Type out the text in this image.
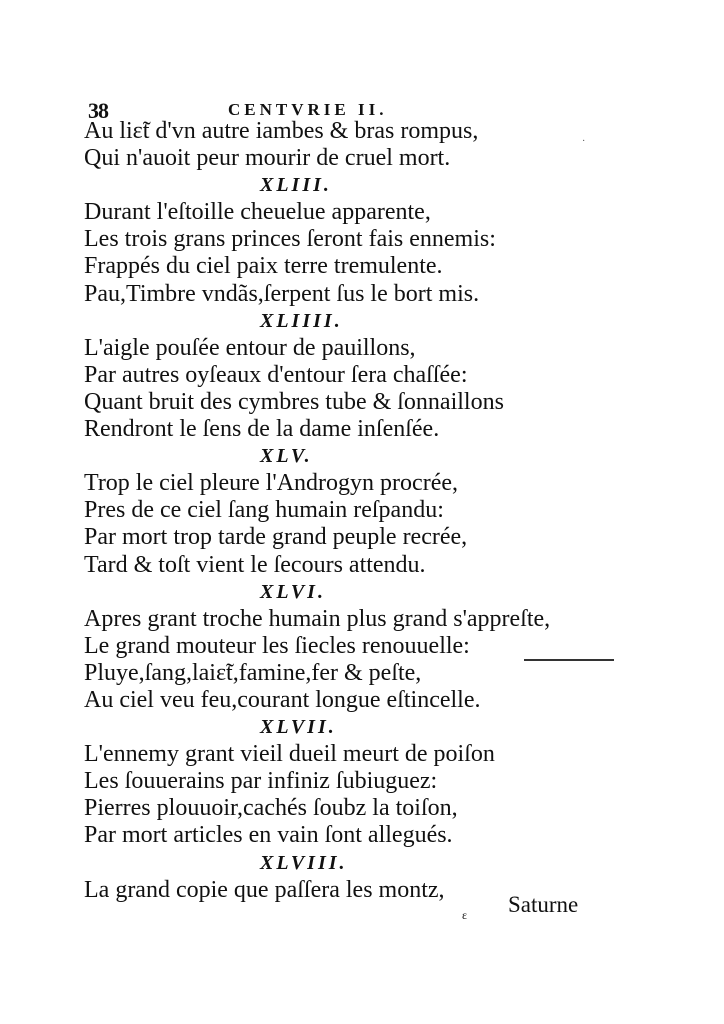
38	CENTVRIE II.
Au liɛ̃t d'vn autre iambes & bras rompus,
Qui n'auoit peur mourir de cruel mort.
XLIII.
Durant l'eſtoille cheuelue apparente,
Les trois grans princes ſeront fais ennemis:
Frappés du ciel paix terre tremulente.
Pau,Timbre vndãs,ſerpent ſus le bort mis.
XLIIII.
L'aigle pouſée entour de pauillons,
Par autres oyſeaux d'entour ſera chaſſée:
Quant bruit des cymbres tube & ſonnaillons
Rendront le ſens de la dame inſenſée.
XLV.
Trop le ciel pleure l'Androgyn procrée,
Pres de ce ciel ſang humain reſpandu:
Par mort trop tarde grand peuple recrée,
Tard & toſt vient le ſecours attendu.
XLVI.
Apres grant troche humain plus grand s'appreſte,
Le grand mouteur les ſiecles renouuelle:
Pluye,ſang,laiɛ̃t,famine,fer & peſte,
Au ciel veu feu,courant longue eſtincelle.
XLVII.
L'ennemy grant vieil dueil meurt de poiſon
Les ſouuerains par infiniz ſubiuguez:
Pierres plouuoir,cachés ſoubz la toiſon,
Par mort articles en vain ſont allegués.
XLVIII.
La grand copie que paſſera les montz,
·
ɛ Saturne
